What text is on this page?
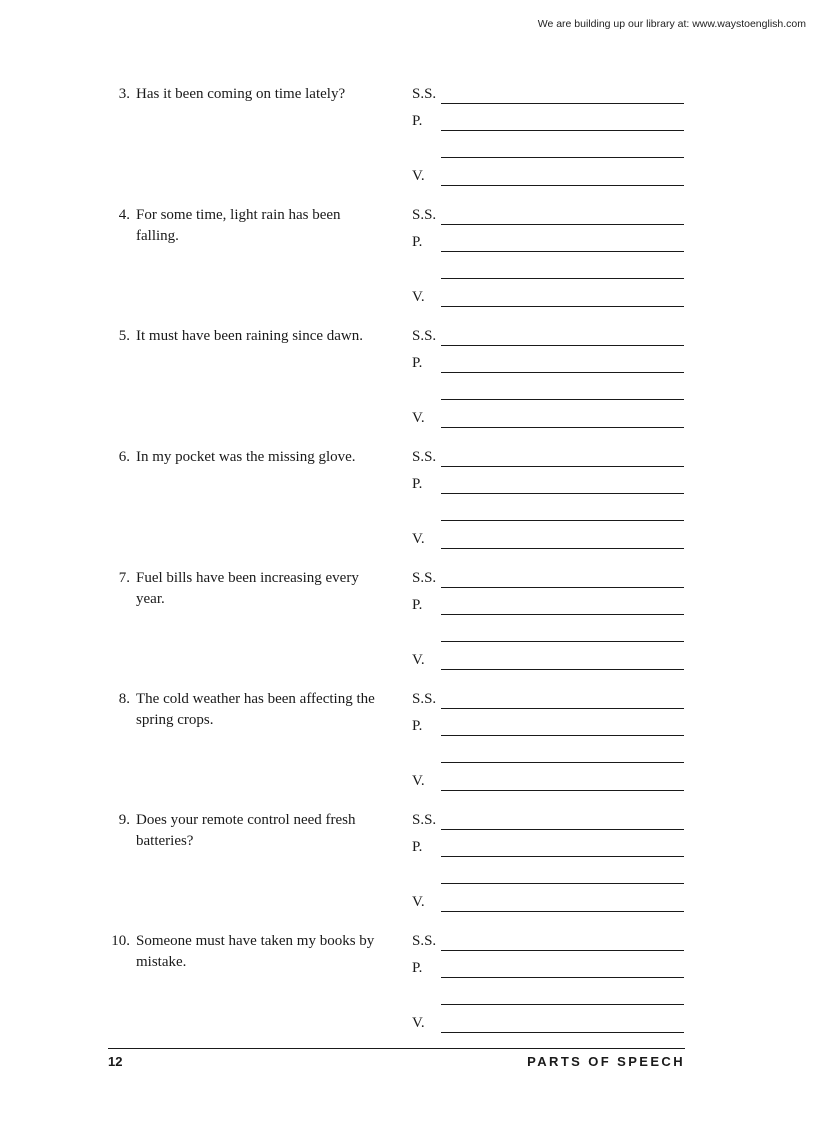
We are building up our library at: www.waystoenglish.com
3. Has it been coming on time lately?	S.S.
P.
V.
4. For some time, light rain has been falling.
S.S.
P.
V.
5. It must have been raining since dawn.	S.S.
P.
V.
6. In my pocket was the missing glove.	S.S.
P.
V.
7. Fuel bills have been increasing every year.
S.S.
P.
V.
8. The cold weather has been affecting the spring crops.
S.S.
P.
V.
9. Does your remote control need fresh batteries?
S.S.
P.
V.
10. Someone must have taken my books by mistake.
S.S.
P.
V.
12	PARTS OF SPEECH
